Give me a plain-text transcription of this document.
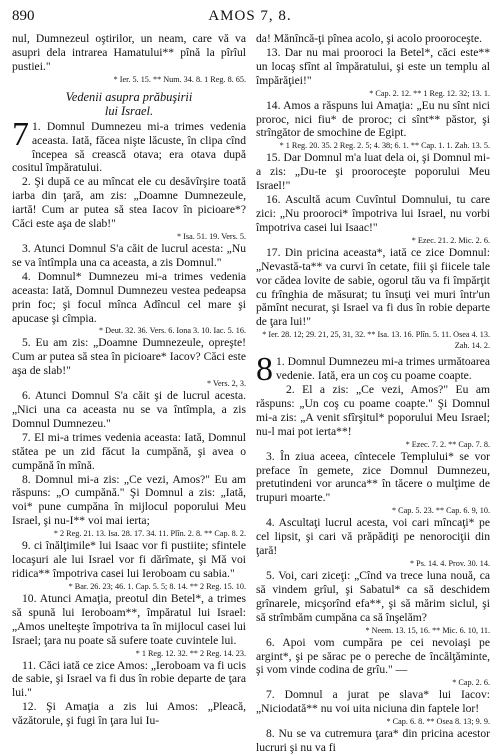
890	AMOS 7, 8.

nul, Dumnezeul oştirilor, un neam, care vă va asupri dela intrarea Hamatului** pînă la pîrîul pustiei."

* Ier. 5. 15. ** Num. 34. 8. 1 Reg. 8. 65.

Vedenii asupra prăbuşirii
lui Israel.
7 1. Domnul Dumnezeu mi-a trimes vedenia aceasta. Iată, făcea nişte lăcuste, în clipa cînd începea să crească otava; era otava după cositul împăratului.

2. Şi după ce au mîncat ele cu desăvîrşire toată iarba din ţară, am zis: „Doamne Dumnezeule, iartă! Cum ar putea să stea Iacov în picioare*? Căci este aşa de slab!"

* Isa. 51. 19. Vers. 5.

3. Atunci Domnul S'a căit de lucrul acesta: „Nu se va întîmpla una ca aceasta, a zis Domnul."

4. Domnul* Dumnezeu mi-a trimes vedenia aceasta: Iată, Domnul Dumnezeu vestea pedeapsa prin foc; şi focul mînca Adîncul cel mare şi apucase şi cîmpia.

* Deut. 32. 36. Vers. 6. Iona 3. 10. Iac. 5. 16.

5. Eu am zis: „Doamne Dumnezeule, opreşte! Cum ar putea să stea în picioare* Iacov? Căci este aşa de slab!"

* Vers. 2, 3.

6. Atunci Domnul S'a căit şi de lucrul acesta. „Nici una ca aceasta nu se va întîmpla, a zis Domnul Dumnezeu."

7. El mi-a trimes vedenia aceasta: Iată, Domnul stătea pe un zid făcut la cumpănă, şi avea o cumpănă în mînă.

8. Domnul mi-a zis: „Ce vezi, Amos?" Eu am răspuns: „O cumpănă." Şi Domnul a zis: „Iată, voi* pune cumpăna în mijlocul poporului Meu Israel, şi nu-I** voi mai ierta;

* 2 Reg. 21. 13. Isa. 28. 17. 34. 11. Plîn. 2. 8. ** Cap. 8. 2.

9. ci înălţimile* lui Isaac vor fi pustiite; sfintele locaşuri ale lui Israel vor fi dărîmate, şi Mă voi ridica** împotriva casei lui Ieroboam cu sabia."

* Bar. 26. 23; 46. 1. Cap. 5. 5; 8. 14. ** 2 Reg. 15. 10.

10. Atunci Amaţia, preotul din Betel*, a trimes să spună lui Ieroboam**, împăratul lui Israel: „Amos unelteşte împotriva ta în mijlocul casei lui Israel; ţara nu poate să sufere toate cuvintele lui.

* 1 Reg. 12. 32. ** 2 Reg. 14. 23.

11. Căci iată ce zice Amos: „Ieroboam va fi ucis de sabie, şi Israel va fi dus în robie departe de ţara lui."

12. Şi Amaţia a zis lui Amos: „Pleacă, văzătorule, şi fugi în ţara lui Iu-

da! Mănîncă-ţi pînea acolo, şi acolo prooroceşte.

13. Dar nu mai prooroci la Betel*, căci este** un locaş sfînt al împăratului, şi este un templu al împărăţiei!"

* Cap. 2. 12. ** 1 Reg. 12. 32; 13. 1.

14. Amos a răspuns lui Amaţia: „Eu nu sînt nici proroc, nici fiu* de proroc; ci sînt** păstor, şi strîngător de smochine de Egipt.

* 1 Reg. 20. 35. 2 Reg. 2. 5; 4. 38; 6. 1. ** Cap. 1. 1. Zah. 13. 5.

15. Dar Domnul m'a luat dela oi, şi Domnul mi-a zis: „Du-te şi prooroceşte poporului Meu Israel!"

16. Ascultă acum Cuvîntul Domnului, tu care zici: „Nu prooroci* împotriva lui Israel, nu vorbi împotriva casei lui Isaac!"

* Ezec. 21. 2. Mic. 2. 6.

17. Din pricina aceasta*, iată ce zice Domnul: „Nevastă-ta** va curvi în cetate, fiii şi fiicele tale vor cădea lovite de sabie, ogorul tău va fi împărţit cu frînghia de măsurat; tu însuţi vei muri într'un pămînt necurat, şi Israel va fi dus în robie departe de ţara lui!"

* Ier. 28. 12; 29. 21, 25, 31, 32. ** Isa. 13. 16. Plîn. 5. 11. Osea 4. 13. Zah. 14. 2.

8 1. Domnul Dumnezeu mi-a trimes următoarea vedenie. Iată, era un coş cu poame coapte.

2. El a zis: „Ce vezi, Amos?" Eu am răspuns: „Un coş cu poame coapte." Şi Domnul mi-a zis: „A venit sfîrşitul* poporului Meu Israel; nu-l mai pot ierta**!

* Ezec. 7. 2. ** Cap. 7. 8.

3. În ziua aceea, cîntecele Templului* se vor preface în gemete, zice Domnul Dumnezeu, pretutindeni vor arunca** în tăcere o mulţime de trupuri moarte."

* Cap. 5. 23. ** Cap. 6. 9, 10.

4. Ascultaţi lucrul acesta, voi cari mîncaţi* pe cel lipsit, şi cari vă prăpădiţi pe nenorociţii din ţară!

* Ps. 14. 4. Prov. 30. 14.

5. Voi, cari ziceţi: „Cînd va trece luna nouă, ca să vindem grîul, şi Sabatul* ca să deschidem grînarele, micşorînd efa**, şi să mărim siclul, şi să strîmbăm cumpăna ca să înşelăm?

* Neem. 13. 15, 16. ** Mic. 6. 10, 11.

6. Apoi vom cumpăra pe cei nevoiaşi pe argint*, şi pe sărac pe o pereche de încălţăminte, şi vom vinde codina de grîu." —

* Cap. 2. 6.

7. Domnul a jurat pe slava* lui Iacov: „Niciodată** nu voi uita niciuna din faptele lor!

* Cap. 6. 8. ** Osea 8. 13; 9. 9.

8. Nu se va cutremura ţara* din pricina acestor lucruri şi nu va fi
